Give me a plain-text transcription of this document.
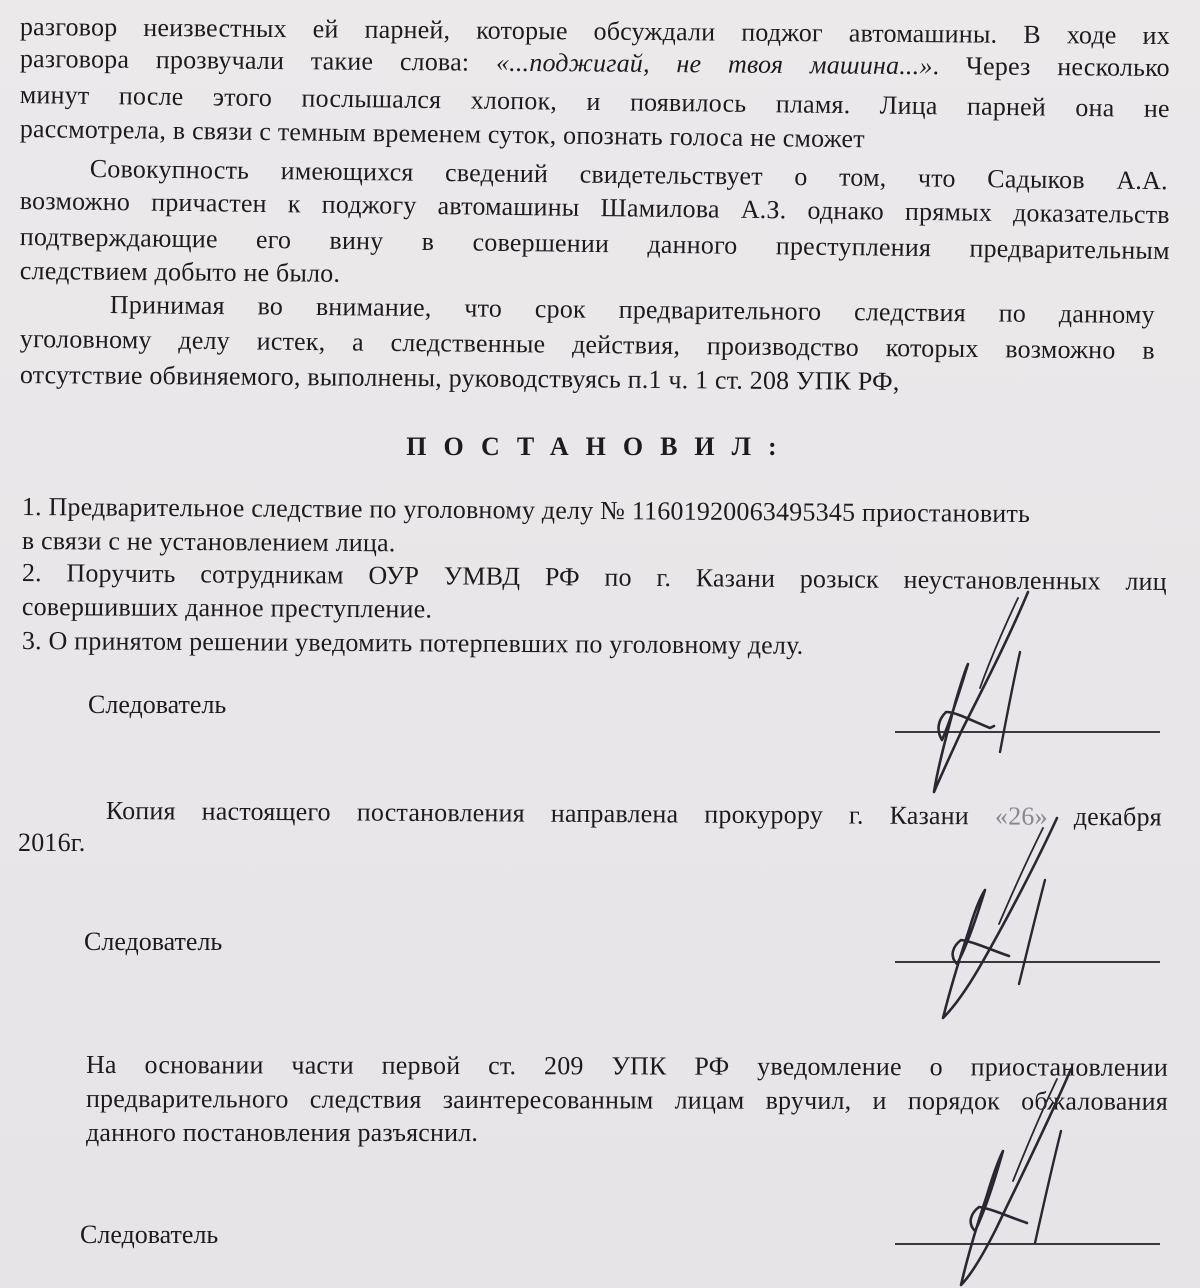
разговор неизвестных ей парней, которые обсуждали поджог автомашины. В ходе их
разговора прозвучали такие слова: «...поджигай, не твоя машина...». Через несколько
минут после этого послышался хлопок, и появилось пламя. Лица парней она не
рассмотрела, в связи с темным временем суток, опознать голоса не сможет
Совокупность имеющихся сведений свидетельствует о том, что Садыков А.А.
возможно причастен к поджогу автомашины Шамилова А.З. однако прямых доказательств
подтверждающие его вину в совершении данного преступления предварительным
следствием добыто не было.
Принимая во внимание, что срок предварительного следствия по данному
уголовному делу истек, а следственные действия, производство которых возможно в
отсутствие обвиняемого, выполнены, руководствуясь п.1 ч. 1 ст. 208 УПК РФ,
ПОСТАНОВИЛ:
1. Предварительное следствие по уголовному делу № 11601920063495345 приостановить
в связи с не установлением лица.
2. Поручить сотрудникам ОУР УМВД РФ по г. Казани розыск неустановленных лиц
совершивших данное преступление.
3. О принятом решении уведомить потерпевших по уголовному делу.
Следователь
Копия настоящего постановления направлена прокурору г. Казани «26» декабря
2016г.
Следователь
На основании части первой ст. 209 УПК РФ уведомление о приостановлении
предварительного следствия заинтересованным лицам вручил, и порядок обжалования
данного постановления разъяснил.
Следователь
